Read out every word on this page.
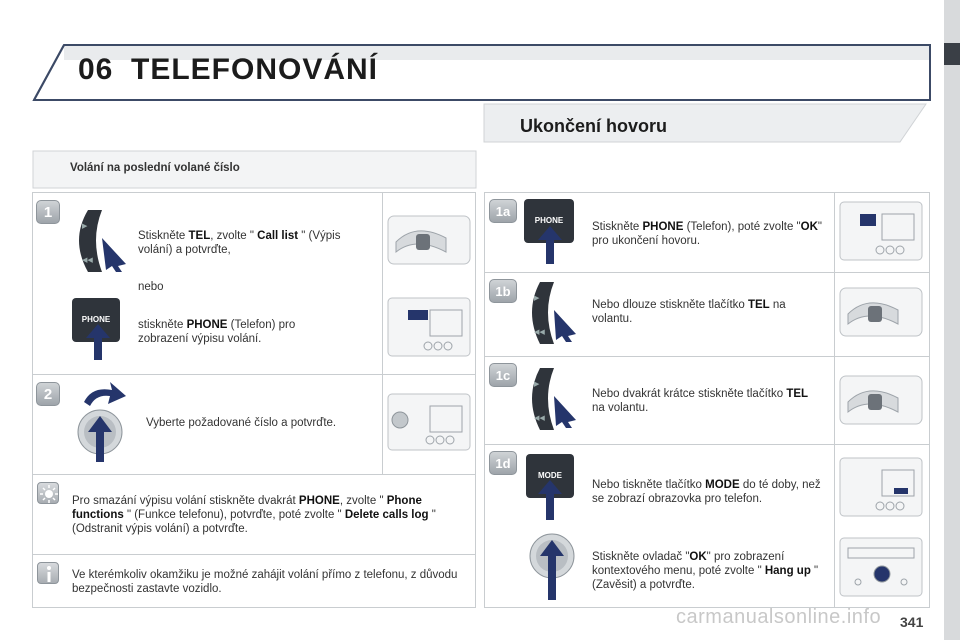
06 TELEFONOVÁNÍ
Ukončení hovoru
Volání na poslední volané číslo
1
▶
◀◀
Stiskněte TEL, zvolte " Call list " (Výpis volání) a potvrďte,
nebo
PHONE	stiskněte PHONE (Telefon) pro zobrazení výpisu volání.
2
Vyberte požadované číslo a potvrďte.
Pro smazání výpisu volání stiskněte dvakrát PHONE, zvolte " Phone functions " (Funkce telefonu), potvrďte, poté zvolte " Delete calls log " (Odstranit výpis volání) a potvrďte.
Ve kterémkoliv okamžiku je možné zahájit volání přímo z telefonu, z důvodu bezpečnosti zastavte vozidlo.
1a
PHONE
Stiskněte PHONE (Telefon), poté zvolte "OK" pro ukončení hovoru.
1b	▶
◀◀
Nebo dlouze stiskněte tlačítko TEL na volantu.
1c
▶
◀◀
Nebo dvakrát krátce stiskněte tlačítko TEL na volantu.
1d
MODE
Nebo tiskněte tlačítko MODE do té doby, než se zobrazí obrazovka pro telefon.
Stiskněte ovladač "OK" pro zobrazení kontextového menu, poté zvolte " Hang up " (Zavěsit) a potvrďte.
carmanualsonline.info 341
